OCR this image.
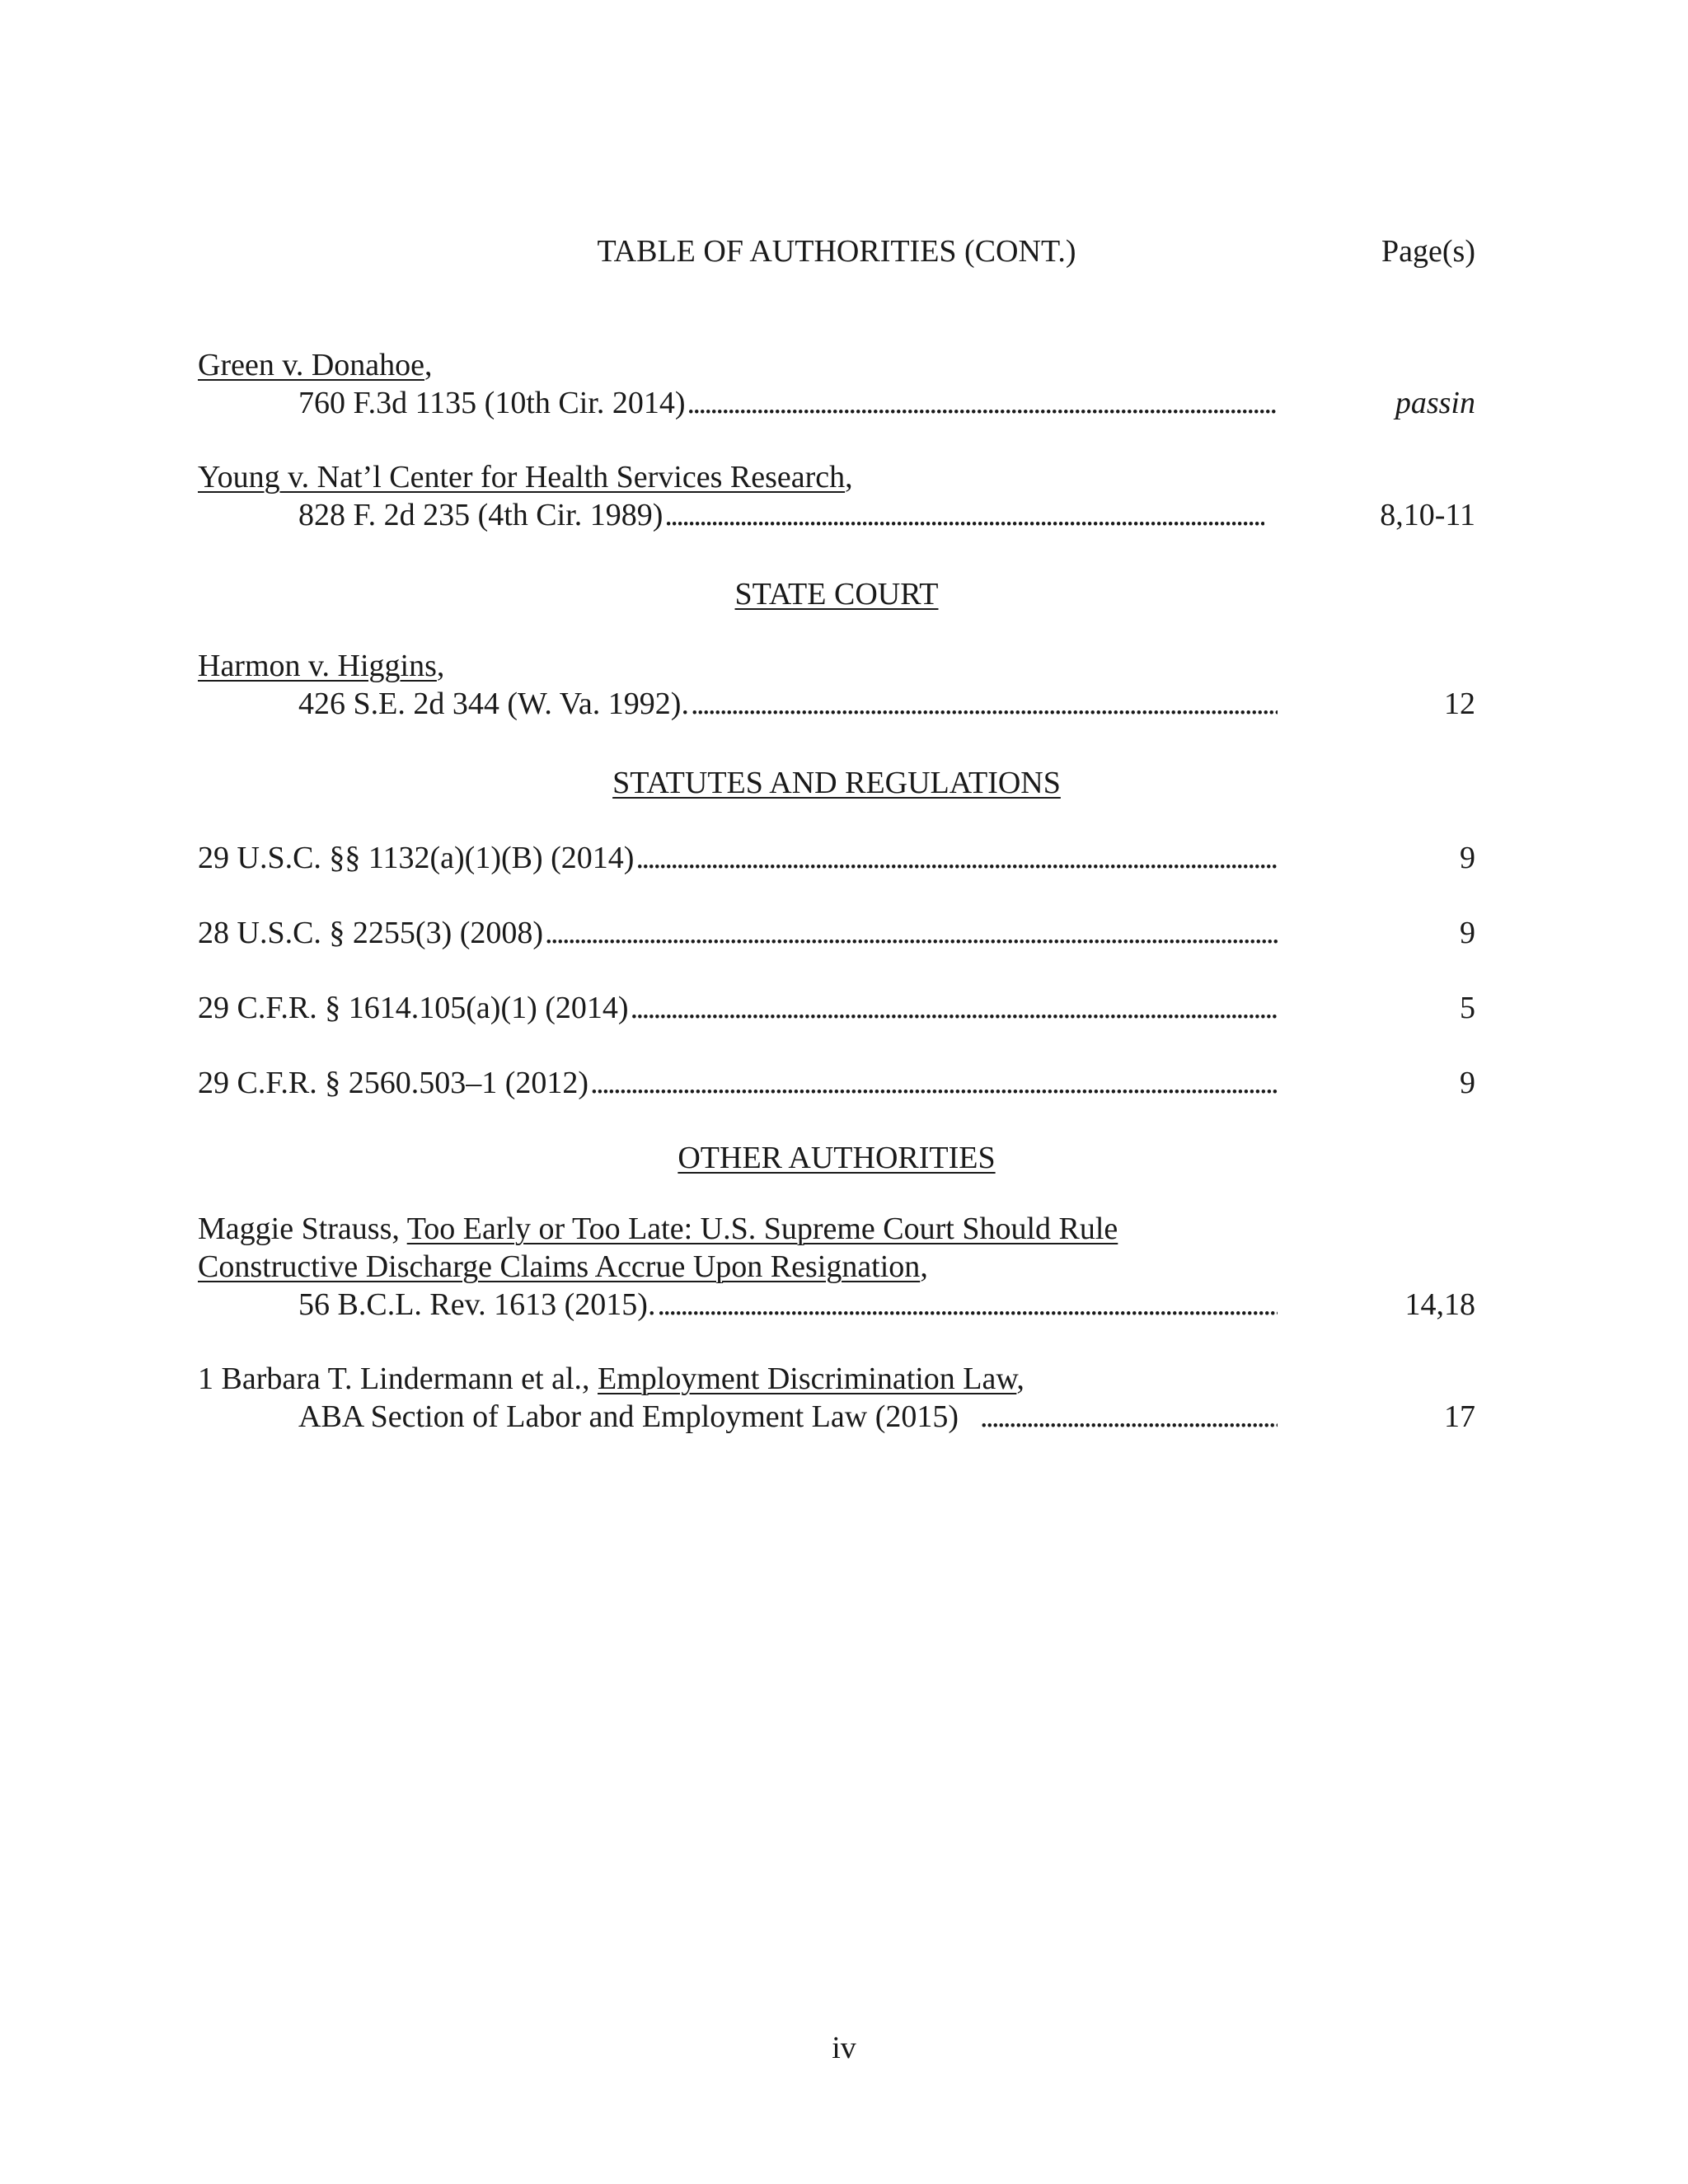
TABLE OF AUTHORITIES (CONT.)	Page(s)
Green v. Donahoe,
760 F.3d 1135 (10th Cir. 2014) . . .	passin
Young v. Nat’l Center for Health Services Research,
828 F. 2d 235 (4th Cir. 1989) . . .	8,10-11
STATE COURT
Harmon v. Higgins,
426 S.E. 2d 344 (W. Va. 1992). . . .	12
STATUTES AND REGULATIONS
29 U.S.C. §§ 1132(a)(1)(B) (2014) . . .	9
28 U.S.C. § 2255(3) (2008) . . .	9
29 C.F.R. § 1614.105(a)(1) (2014) . . .	5
29 C.F.R. § 2560.503–1 (2012) . . .	9
OTHER AUTHORITIES
Maggie Strauss, Too Early or Too Late: U.S. Supreme Court Should Rule
Constructive Discharge Claims Accrue Upon Resignation,
56 B.C.L. Rev. 1613 (2015). . . .	14,18
1 Barbara T. Lindermann et al., Employment Discrimination Law,
ABA Section of Labor and Employment Law (2015) . . .	17
iv
